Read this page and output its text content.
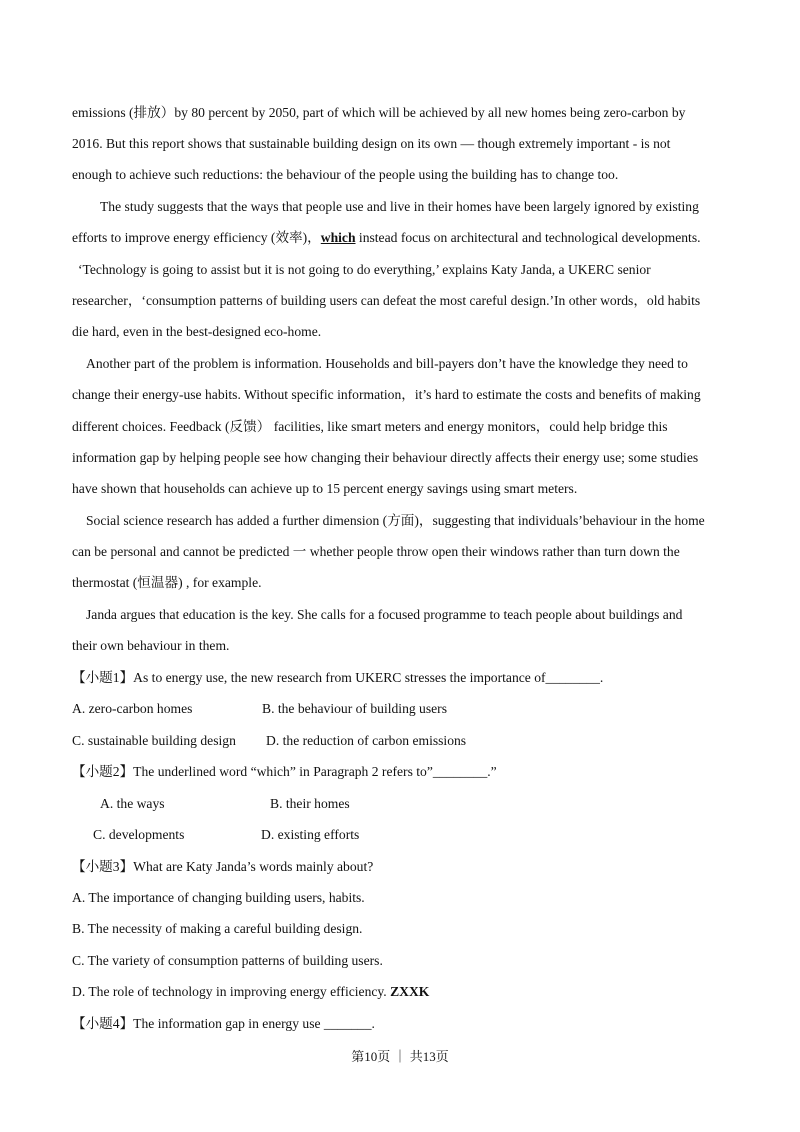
emissions (排放）by 80 percent by 2050, part of which will be achieved by all new homes being zero-carbon by
2016. But this report shows that sustainable building design on its own — though extremely important - is not
enough to achieve such reductions: the behaviour of the people using the building has to change too.
The study suggests that the ways that people use and live in their homes have been largely ignored by existing
efforts to improve energy efficiency (效率)，which instead focus on architectural and technological developments.
‘Technology is going to assist but it is not going to do everything,’ explains Katy Janda, a UKERC senior
researcher，‘consumption patterns of building users can defeat the most careful design.’In other words，old habits
die hard, even in the best-designed eco-home.
Another part of the problem is information. Households and bill-payers don’t have the knowledge they need to
change their energy-use habits. Without specific information，it’s hard to estimate the costs and benefits of making
different choices. Feedback (反馈） facilities, like smart meters and energy monitors，could help bridge this
information gap by helping people see how changing their behaviour directly affects their energy use; some studies
have shown that households can achieve up to 15 percent energy savings using smart meters.
Social science research has added a further dimension (方面)，suggesting that individuals’behaviour in the home
can be personal and cannot be predicted 一 whether people throw open their windows rather than turn down the
thermostat (恒温器) , for example.
Janda argues that education is the key. She calls for a focused programme to teach people about buildings and
their own behaviour in them.
【小题1】As to energy use, the new research from UKERC stresses the importance of________.
A. zero-carbon homes	B. the behaviour of building users
C. sustainable building design D. the reduction of carbon emissions
【小题2】The underlined word “which” in Paragraph 2 refers to”________.”
A. the ways	B. their homes
C. developments	D. existing efforts
【小题3】What are Katy Janda’s words mainly about?
A. The importance of changing building users, habits.
B. The necessity of making a careful building design.
C. The variety of consumption patterns of building users.
D. The role of technology in improving energy efficiency. ZXXK
【小题4】The information gap in energy use _______.
第10页 ｜ 共13页
